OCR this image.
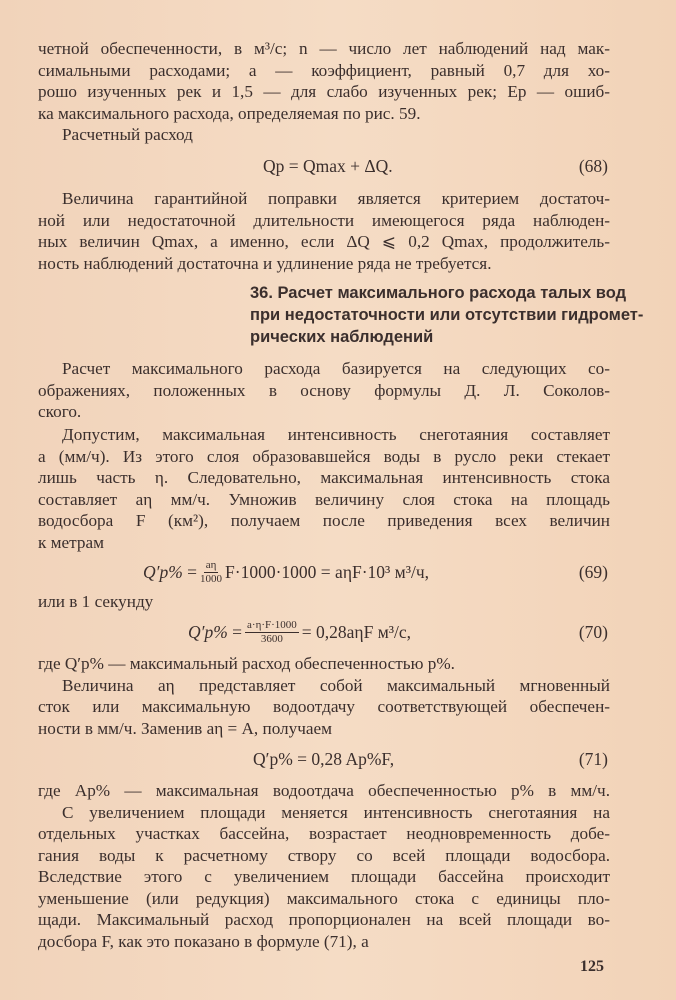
четной обеспеченности, в м³/с; n — число лет наблюдений над мак-
симальными расходами; a — коэффициент, равный 0,7 для хо-
рошо изученных рек и 1,5 — для слабо изученных рек; Eр — ошиб-
ка максимального расхода, определяемая по рис. 59.
Расчетный расход
Qр = Qmax + ΔQ.	(68)
Величина гарантийной поправки является критерием достаточ-
ной или недостаточной длительности имеющегося ряда наблюден-
ных величин Qmax, а именно, если ΔQ ⩽ 0,2 Qmax, продолжитель-
ность наблюдений достаточна и удлинение ряда не требуется.
36. Расчет максимального расхода талых вод
при недостаточности или отсутствии гидромет-
рических наблюдений
Расчет максимального расхода базируется на следующих со-
ображениях, положенных в основу формулы Д. Л. Соколов-
ского.
Допустим, максимальная интенсивность снеготаяния составляет
a (мм/ч). Из этого слоя образовавшейся воды в русло реки стекает
лишь часть η. Следовательно, максимальная интенсивность стока
составляет aη мм/ч. Умножив величину слоя стока на площадь
водосбора F (км²), получаем после приведения всех величин
к метрам
$Q'p\% = \frac{a\eta}{1000} F\cdot 1000\cdot 1000 = a\eta F\cdot 10^3$ м³/ч,	(69)
или в 1 секунду
$Q'p\% = \frac{a\cdot\eta\cdot F\cdot 1000}{3600} = 0,28a\eta F$ м³/с,	(70)
где Q′p% — максимальный расход обеспеченностью p%.
Величина aη представляет собой максимальный мгновенный
сток или максимальную водоотдачу соответствующей обеспечен-
ности в мм/ч. Заменив aη = A, получаем
Q′p% = 0,28 Ap%F,	(71)
где Ap% — максимальная водоотдача обеспеченностью p% в мм/ч.
С увеличением площади меняется интенсивность снеготаяния на
отдельных участках бассейна, возрастает неодновременность добе-
гания воды к расчетному створу со всей площади водосбора.
Вследствие этого с увеличением площади бассейна происходит
уменьшение (или редукция) максимального стока с единицы пло-
щади. Максимальный расход пропорционален на всей площади во-
досбора F, как это показано в формуле (71), а
125
